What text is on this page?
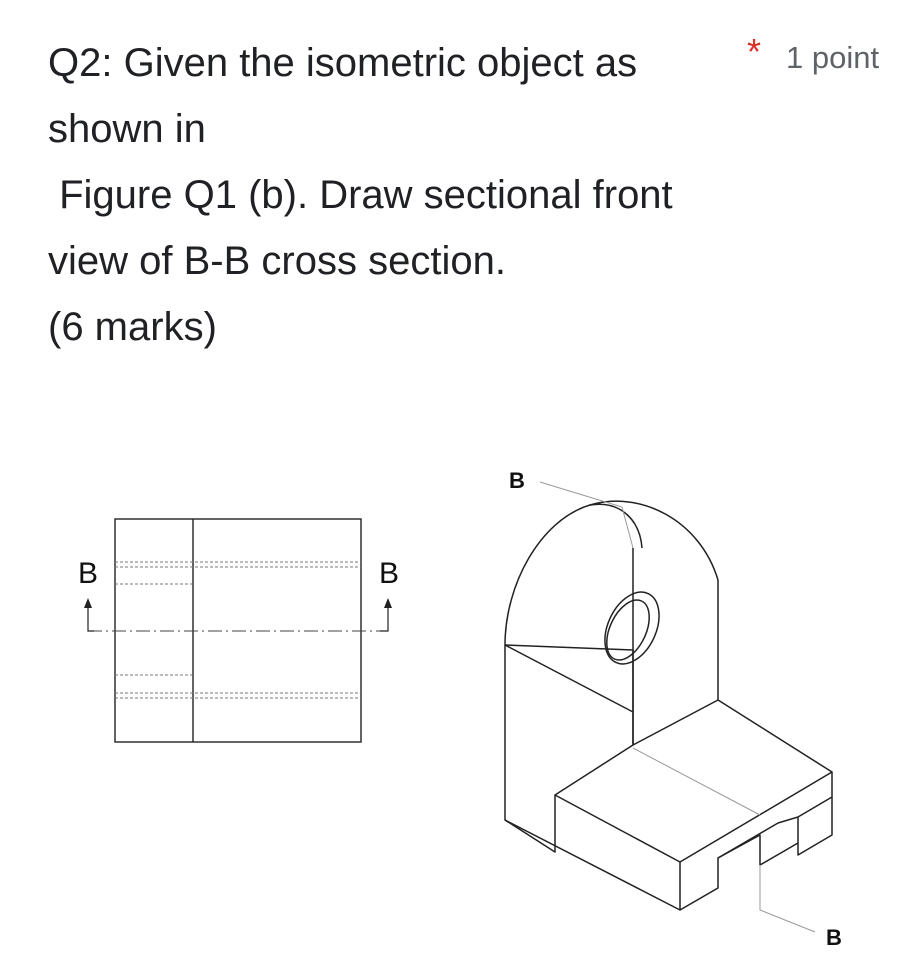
Q2: Given the isometric object as
shown in
Figure Q1 (b). Draw sectional front
view of B-B cross section.
(6 marks)
* 1 point
B	B
B
B
